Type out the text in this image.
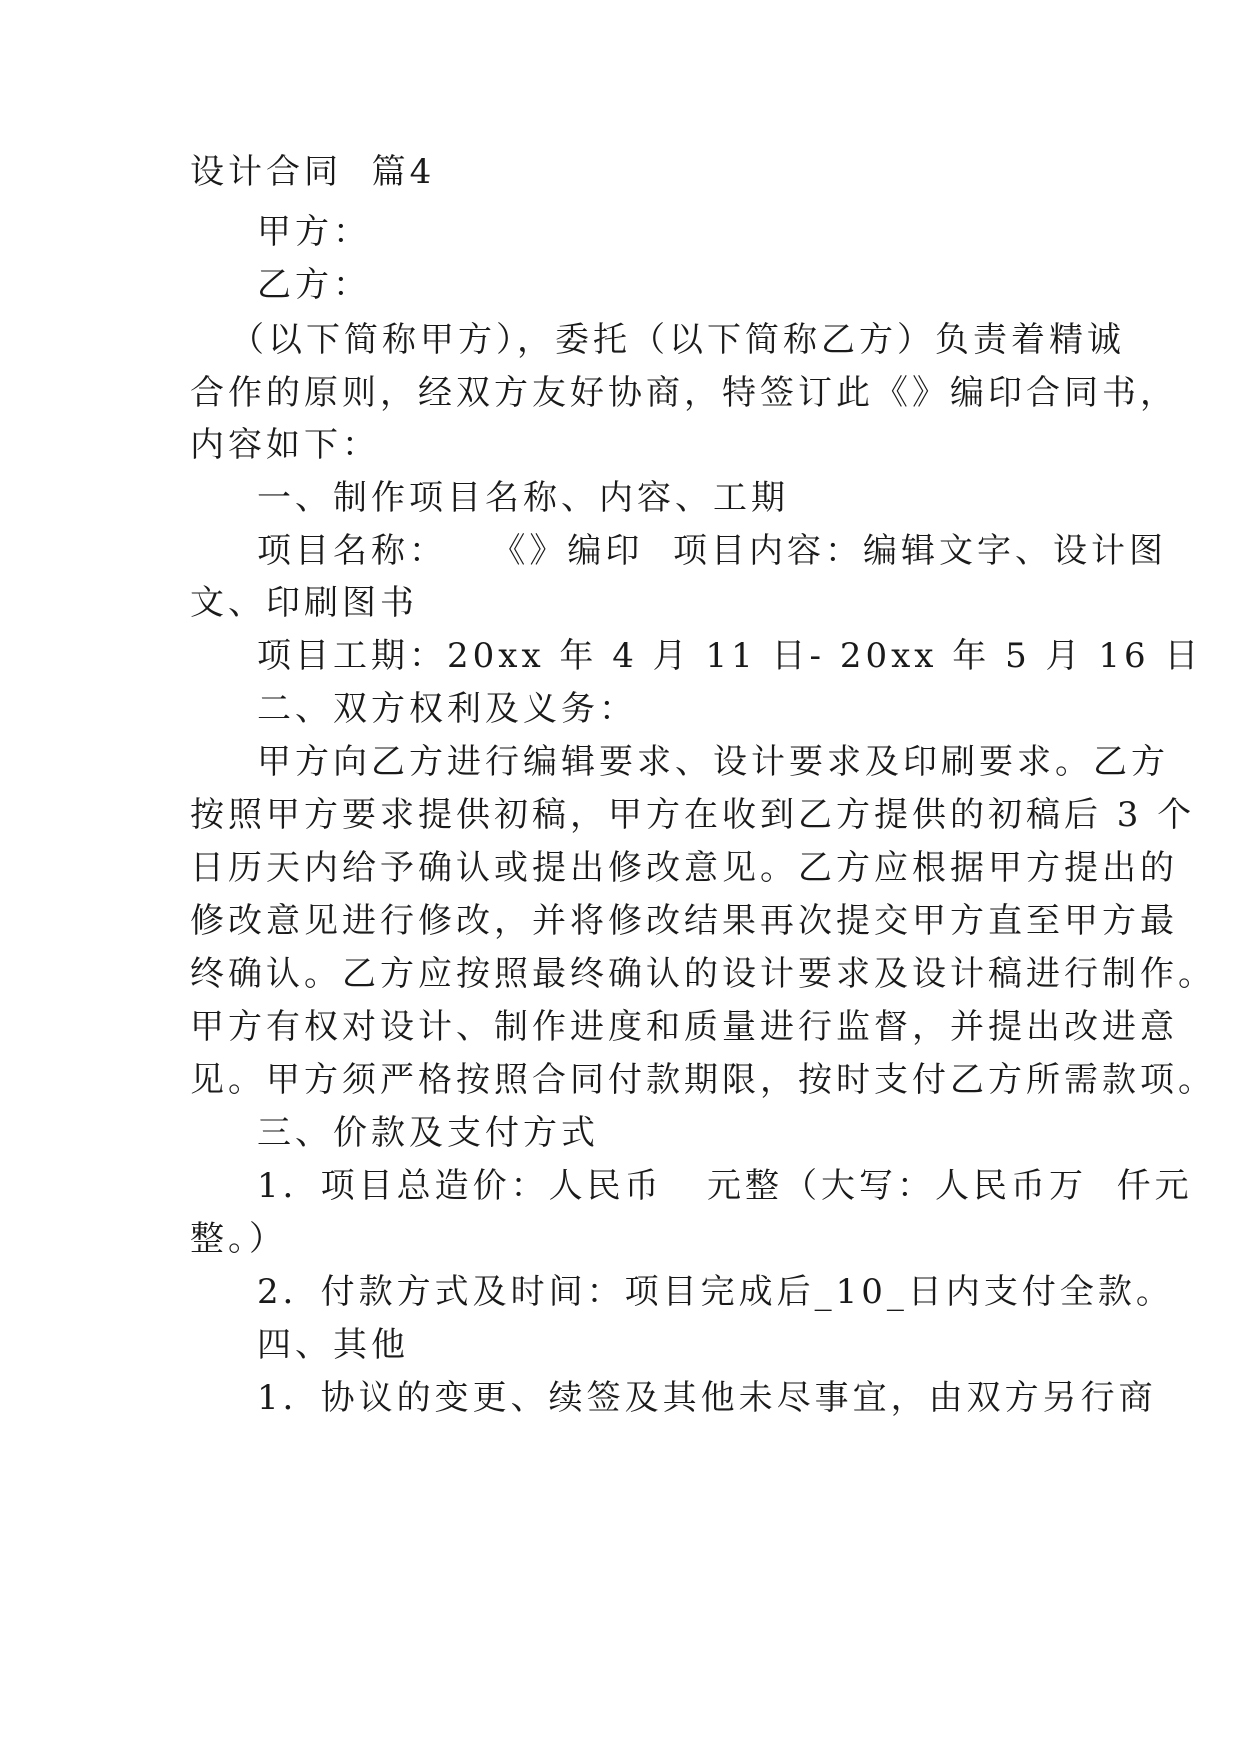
设计合同  篇4
甲方：
乙方：
（以下简称甲方），委托（以下简称乙方）负责着精诚
合作的原则，经双方友好协商，特签订此《》编印合同书，
内容如下：
一、制作项目名称、内容、工期
项目名称：   《》编印  项目内容：编辑文字、设计图
文、印刷图书
项目工期：20xx 年 4 月 11 日- 20xx 年 5 月 16 日
二、双方权利及义务：
甲方向乙方进行编辑要求、设计要求及印刷要求。乙方
按照甲方要求提供初稿，甲方在收到乙方提供的初稿后 3 个
日历天内给予确认或提出修改意见。乙方应根据甲方提出的
修改意见进行修改，并将修改结果再次提交甲方直至甲方最
终确认。乙方应按照最终确认的设计要求及设计稿进行制作。
甲方有权对设计、制作进度和质量进行监督，并提出改进意
见。甲方须严格按照合同付款期限，按时支付乙方所需款项。
三、价款及支付方式
1．项目总造价：人民币   元整（大写：人民币万  仟元
整。）
2．付款方式及时间：项目完成后_10_日内支付全款。
四、其他
1．协议的变更、续签及其他未尽事宜，由双方另行商
